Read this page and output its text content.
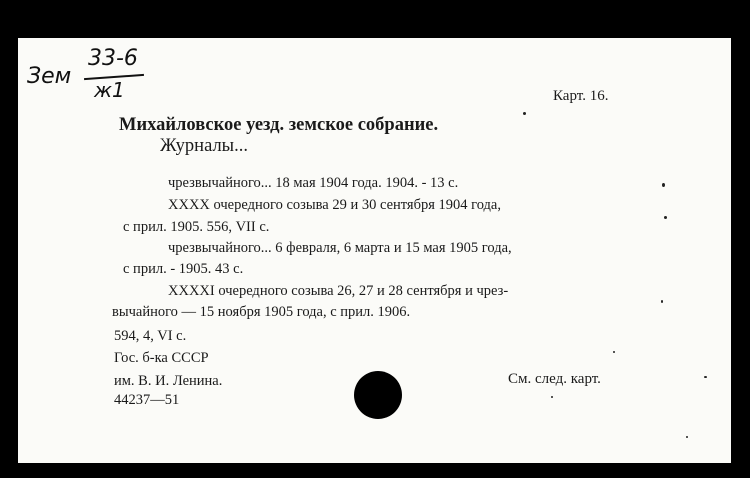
Зем
33-6
ж1	Карт. 16.
Михайловское уезд. земское собрание.
Журналы...
чрезвычайного... 18 мая 1904 года. 1904. - 13 с.
XXXX очередного созыва 29 и 30 сентября 1904 года,
с прил. 1905. 556, VII с.
чрезвычайного... 6 февраля, 6 марта и 15 мая 1905 года,
с прил. - 1905. 43 с.
XXXXI очередного созыва 26, 27 и 28 сентября и чрез-
вычайного — 15 ноября 1905 года, с прил. 1906.
594, 4, VI с.
Гос. б-ка СССР
им. В. И. Ленина.
44237—51
См. след. карт.
